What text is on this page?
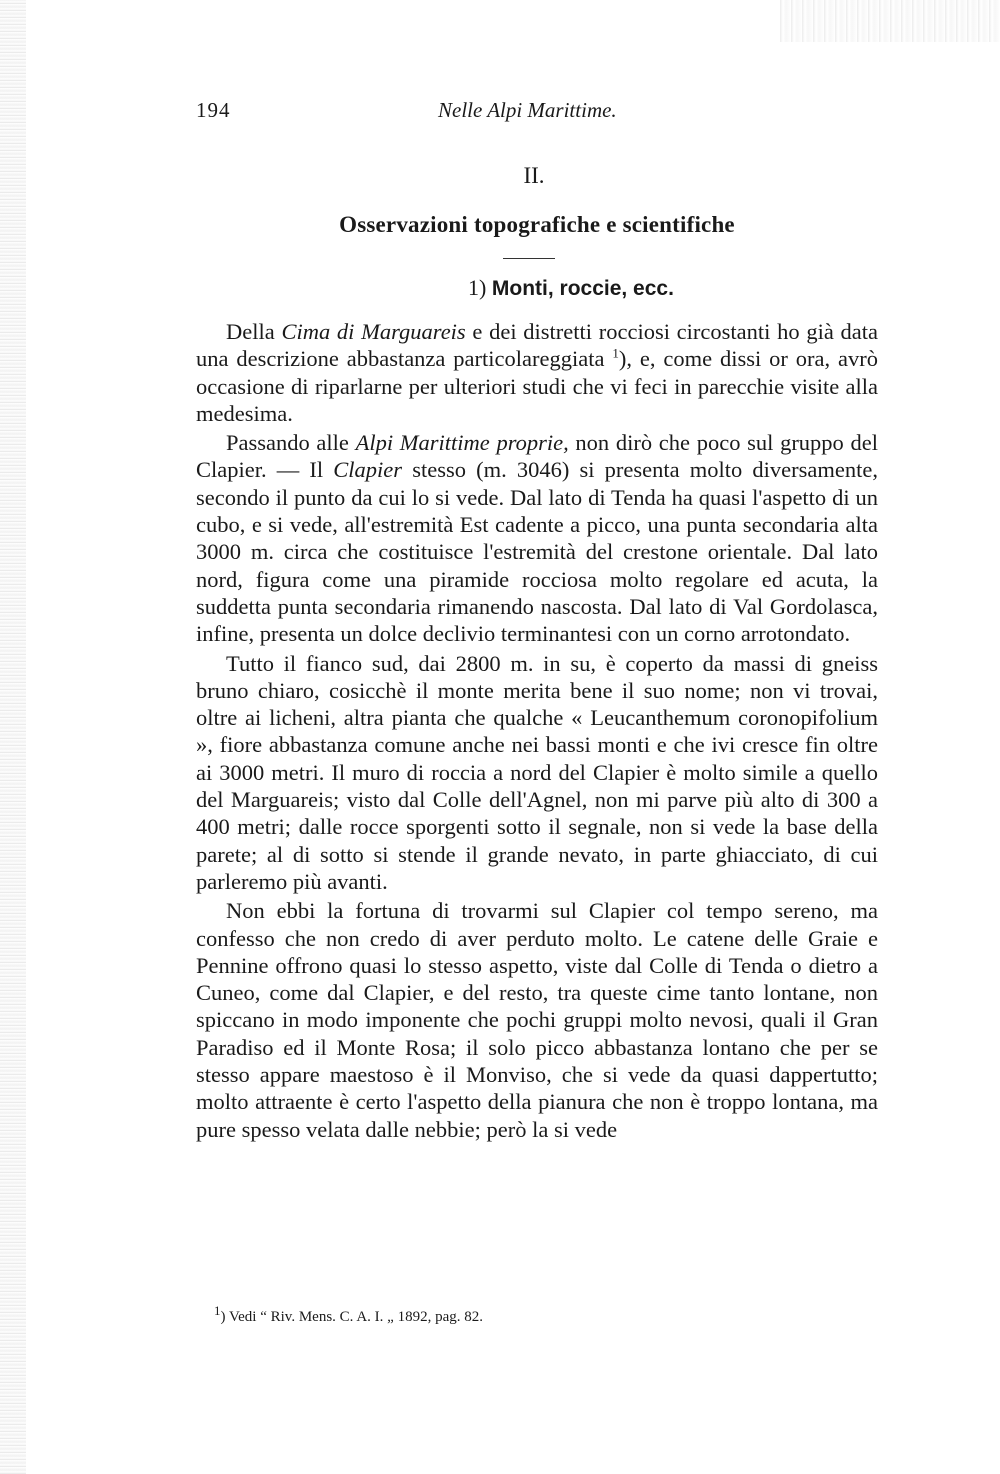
194	Nelle Alpi Marittime.
II.
Osservazioni topografiche e scientifiche
1) Monti, roccie, ecc.

Della Cima di Marguareis e dei distretti rocciosi circostanti ho già data una descrizione abbastanza particolareggiata $^1$), e, come dissi or ora, avrò occasione di riparlarne per ulteriori studi che vi feci in parecchie visite alla medesima.

Passando alle Alpi Marittime proprie, non dirò che poco sul gruppo del Clapier. — Il Clapier stesso (m. 3046) si presenta molto diversamente, secondo il punto da cui lo si vede. Dal lato di Tenda ha quasi l'aspetto di un cubo, e si vede, all'estremità Est cadente a picco, una punta secondaria alta 3000 m. circa che costituisce l'estremità del crestone orientale. Dal lato nord, figura come una piramide rocciosa molto regolare ed acuta, la suddetta punta secondaria rimanendo nascosta. Dal lato di Val Gordolasca, infine, presenta un dolce declivio terminantesi con un corno arrotondato.

Tutto il fianco sud, dai 2800 m. in su, è coperto da massi di gneiss bruno chiaro, cosicchè il monte merita bene il suo nome; non vi trovai, oltre ai licheni, altra pianta che qualche « Leucanthemum coronopifolium », fiore abbastanza comune anche nei bassi monti e che ivi cresce fin oltre ai 3000 metri. Il muro di roccia a nord del Clapier è molto simile a quello del Marguareis; visto dal Colle dell'Agnel, non mi parve più alto di 300 a 400 metri; dalle rocce sporgenti sotto il segnale, non si vede la base della parete; al di sotto si stende il grande nevato, in parte ghiacciato, di cui parleremo più avanti.

Non ebbi la fortuna di trovarmi sul Clapier col tempo sereno, ma confesso che non credo di aver perduto molto. Le catene delle Graie e Pennine offrono quasi lo stesso aspetto, viste dal Colle di Tenda o dietro a Cuneo, come dal Clapier, e del resto, tra queste cime tanto lontane, non spiccano in modo imponente che pochi gruppi molto nevosi, quali il Gran Paradiso ed il Monte Rosa; il solo picco abbastanza lontano che per se stesso appare maestoso è il Monviso, che si vede da quasi dappertutto; molto attraente è certo l'aspetto della pianura che non è troppo lontana, ma pure spesso velata dalle nebbie; però la si vede

$^1$) Vedi “ Riv. Mens. C. A. I. „ 1892, pag. 82.
